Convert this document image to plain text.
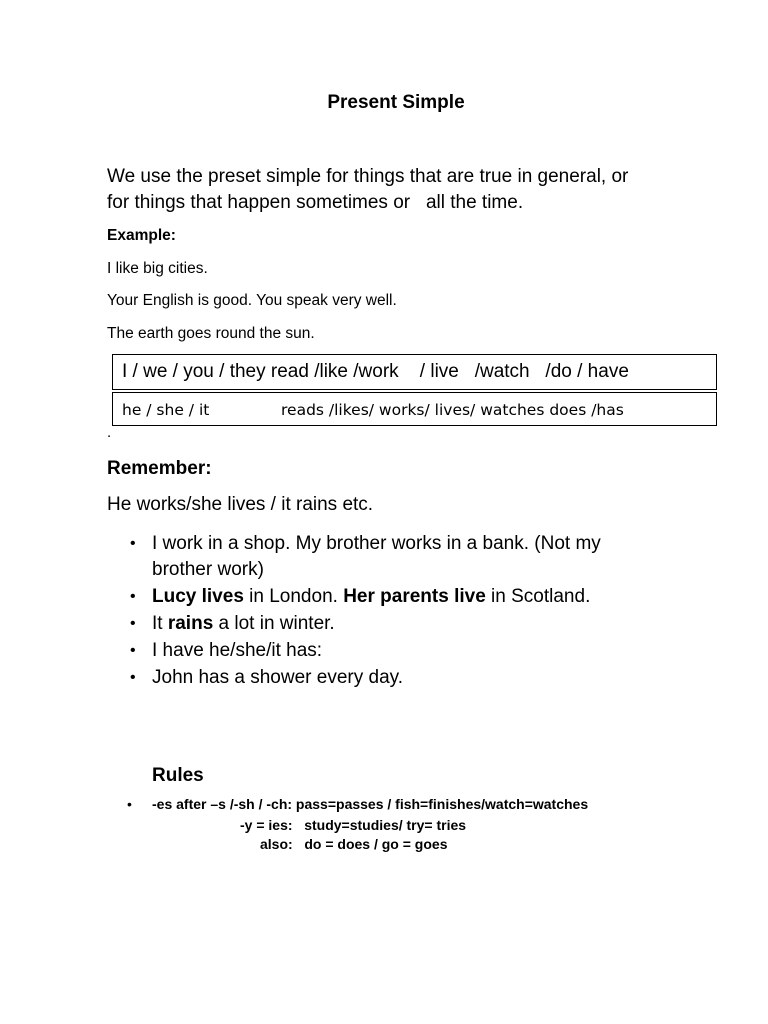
Present Simple
We use the preset simple for things that are true in general, or
for things that happen sometimes or   all the time.
Example:
I like big cities.
Your English is good. You speak very well.
The earth goes round the sun.
I / we / you / they read /like /work    / live   /watch   /do / have
he / she / it	reads /likes/ works/ lives/ watches does /has
.
Remember:
He works/she lives / it rains etc.
• I work in a shop. My brother works in a bank. (Not my
brother work)
• Lucy lives in London. Her parents live in Scotland.
• It rains a lot in winter.
• I have he/she/it has:
• John has a shower every day.
Rules
• -es after –s /-sh / -ch: pass=passes / fish=finishes/watch=watches
-y = ies:   study=studies/ try= tries
also:   do = does / go = goes
